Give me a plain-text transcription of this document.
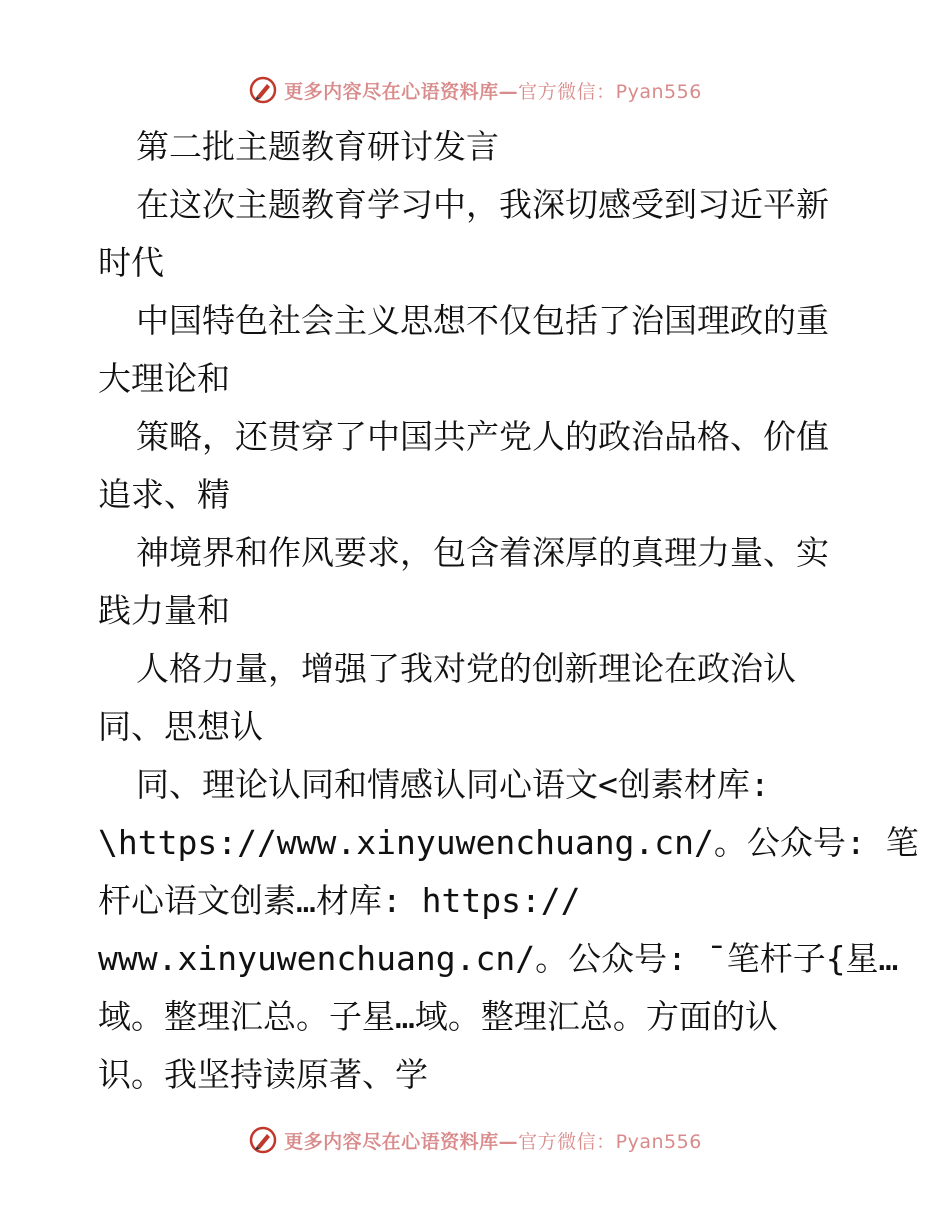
更多内容尽在心语资料库—官方微信：Pyan556
第二批主题教育研讨发言
在这次主题教育学习中，我深切感受到习近平新
时代
中国特色社会主义思想不仅包括了治国理政的重
大理论和
策略，还贯穿了中国共产党人的政治品格、价值
追求、精
神境界和作风要求，包含着深厚的真理力量、实
践力量和
人格力量，增强了我对党的创新理论在政治认
同、思想认
同、理论认同和情感认同心语文<创素材库:
\https://www.xinyuwenchuang.cn/。公众号: 笔
杆心语文创素…材库: https://
www.xinyuwenchuang.cn/。公众号: ¯笔杆子{星…
域。整理汇总。子星…域。整理汇总。方面的认
识。我坚持读原著、学
更多内容尽在心语资料库—官方微信：Pyan556
